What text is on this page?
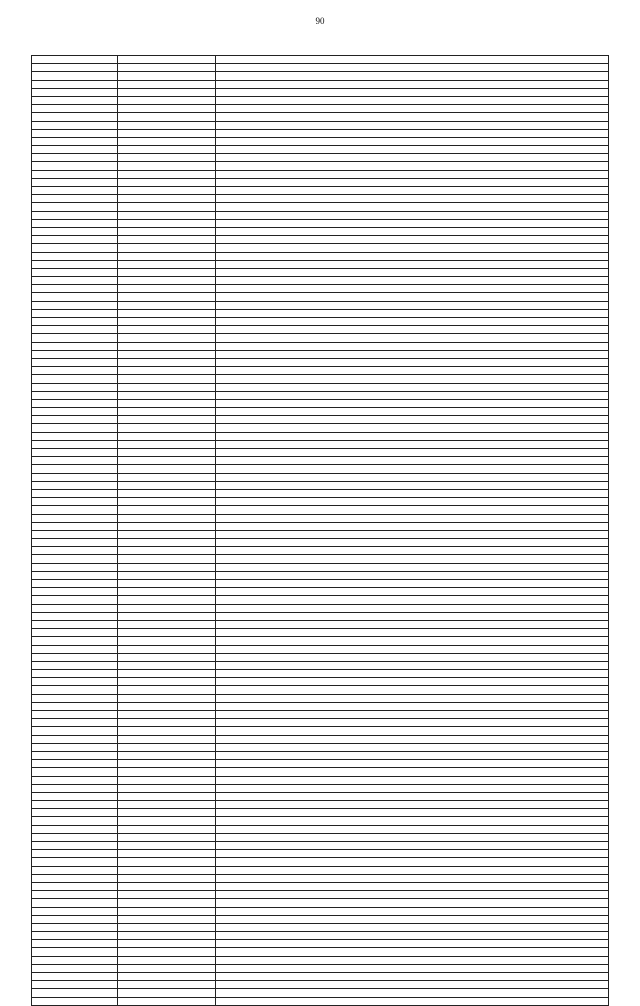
90
